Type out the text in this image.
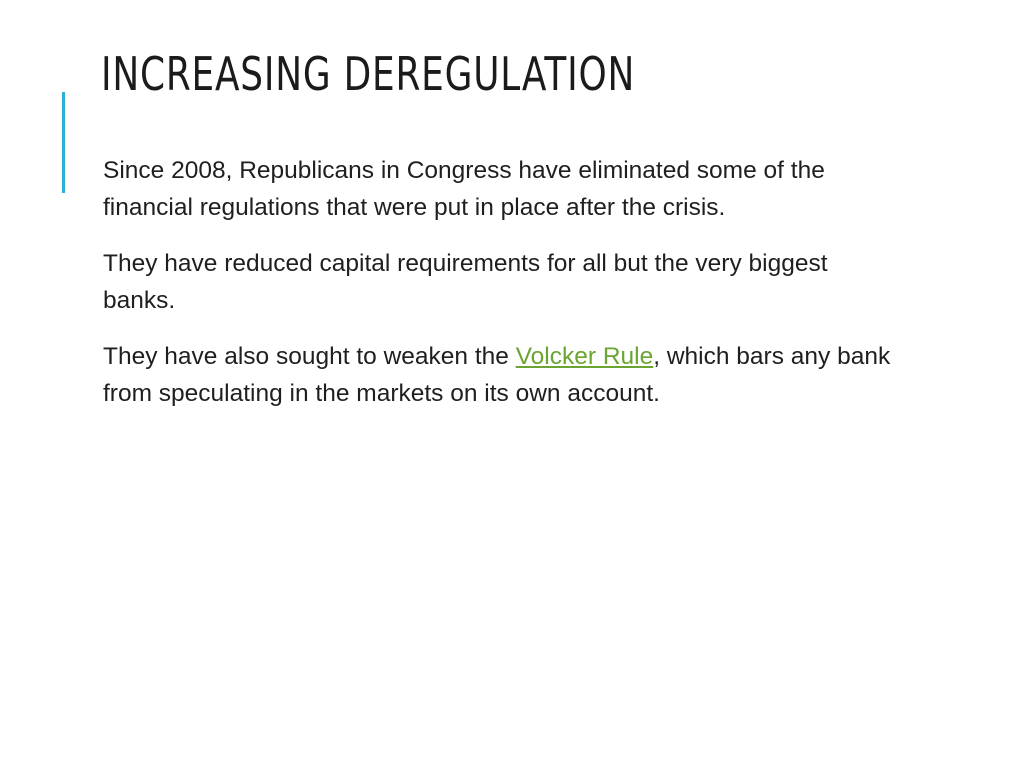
INCREASING DEREGULATION

Since 2008, Republicans in Congress have eliminated some of the financial regulations that were put in place after the crisis.

They have reduced capital requirements for all but the very biggest banks.

They have also sought to weaken the Volcker Rule, which bars any bank from speculating in the markets on its own account.
